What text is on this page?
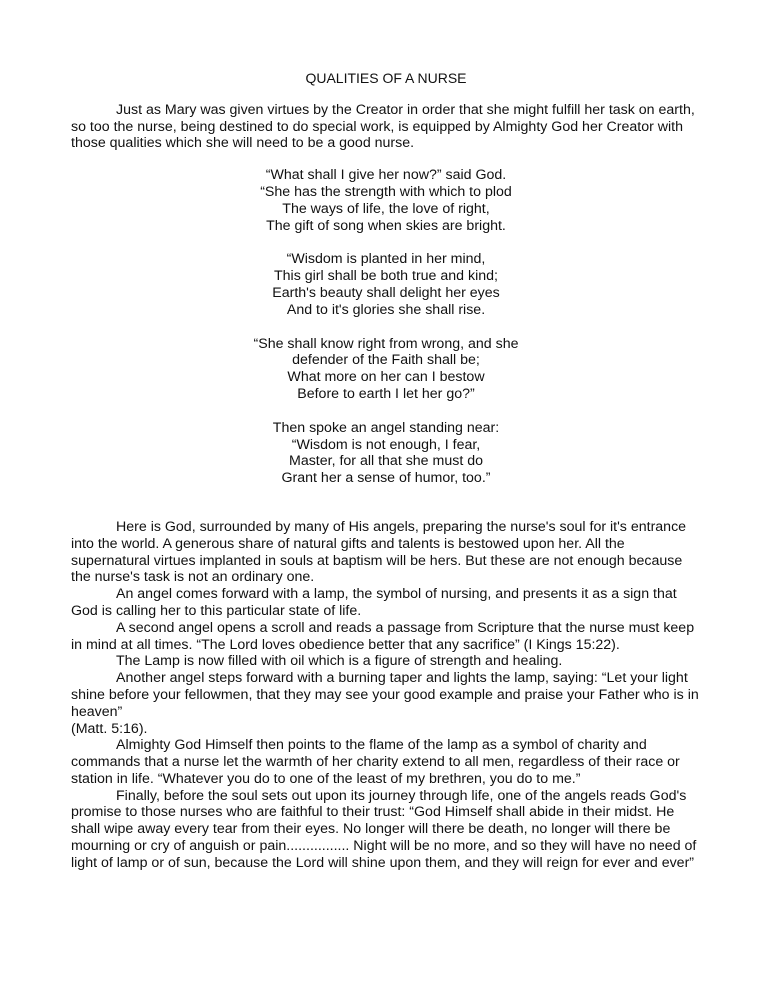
QUALITIES OF A NURSE

Just as Mary was given virtues by the Creator in order that she might fulfill her task on earth, so too the nurse, being destined to do special work, is equipped by Almighty God her Creator with those qualities which she will need to be a good nurse.

“What shall I give her now?” said God.
“She has the strength with which to plod
The ways of life, the love of right,
The gift of song when skies are bright.
“Wisdom is planted in her mind,
This girl shall be both true and kind;
Earth's beauty shall delight her eyes
And to it's glories she shall rise.
“She shall know right from wrong, and she
defender of the Faith shall be;
What more on her can I bestow
Before to earth I let her go?”
Then spoke an angel standing near:
“Wisdom is not enough, I fear,
Master, for all that she must do
Grant her a sense of humor, too.”

Here is God, surrounded by many of His angels, preparing the nurse's soul for it's entrance into the world. A generous share of natural gifts and talents is bestowed upon her. All the supernatural virtues implanted in souls at baptism will be hers. But these are not enough because the nurse's task is not an ordinary one.

An angel comes forward with a lamp, the symbol of nursing, and presents it as a sign that God is calling her to this particular state of life.

A second angel opens a scroll and reads a passage from Scripture that the nurse must keep in mind at all times. “The Lord loves obedience better that any sacrifice” (I Kings 15:22).

The Lamp is now filled with oil which is a figure of strength and healing.

Another angel steps forward with a burning taper and lights the lamp, saying: “Let your light shine before your fellowmen, that they may see your good example and praise your Father who is in heaven”

(Matt. 5:16).

Almighty God Himself then points to the flame of the lamp as a symbol of charity and commands that a nurse let the warmth of her charity extend to all men, regardless of their race or station in life. “Whatever you do to one of the least of my brethren, you do to me.”

Finally, before the soul sets out upon its journey through life, one of the angels reads God's promise to those nurses who are faithful to their trust: “God Himself shall abide in their midst. He shall wipe away every tear from their eyes. No longer will there be death, no longer will there be mourning or cry of anguish or pain................ Night will be no more, and so they will have no need of light of lamp or of sun, because the Lord will shine upon them, and they will reign for ever and ever”
